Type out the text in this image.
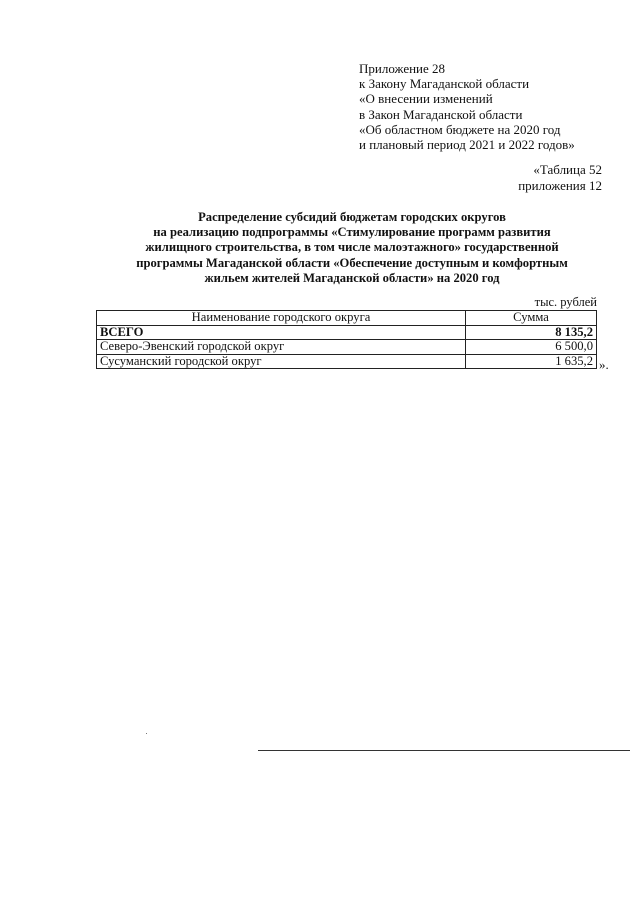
Приложение 28
к Закону Магаданской области
«О внесении изменений
в Закон Магаданской области
«Об областном бюджете на 2020 год
и плановый период 2021 и 2022 годов»
«Таблица 52
приложения 12
Распределение субсидий бюджетам городских округов
на реализацию подпрограммы «Стимулирование программ развития
жилищного строительства, в том числе малоэтажного» государственной
программы Магаданской области «Обеспечение доступным и комфортным
жильем жителей Магаданской области» на 2020 год
тыс. рублей
Наименование городского округа	Сумма
ВСЕГО	8 135,2
Северо-Эвенский городской округ	6 500,0
Сусуманский городской округ	1 635,2 ».
